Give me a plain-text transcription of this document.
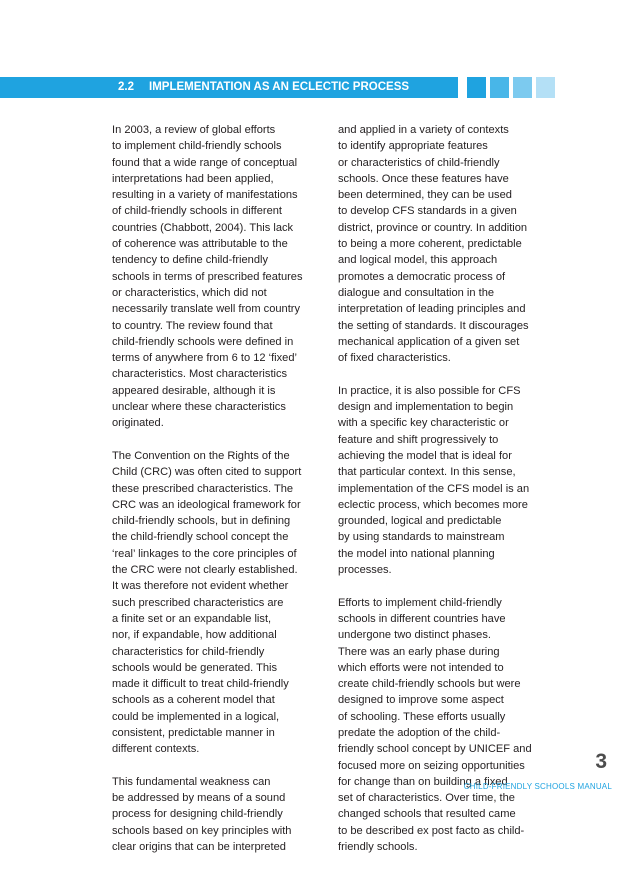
2.2 IMPLEMENTATION AS AN ECLECTIC PROCESS

In 2003, a review of global efforts
to implement child-friendly schools
found that a wide range of conceptual
interpretations had been applied,
resulting in a variety of manifestations
of child-friendly schools in different
countries (Chabbott, 2004). This lack
of coherence was attributable to the
tendency to define child-friendly
schools in terms of prescribed features
or characteristics, which did not
necessarily translate well from country
to country. The review found that
child-friendly schools were defined in
terms of anywhere from 6 to 12 ‘fixed’
characteristics. Most characteristics
appeared desirable, although it is
unclear where these characteristics
originated.

The Convention on the Rights of the
Child (CRC) was often cited to support
these prescribed characteristics. The
CRC was an ideological framework for
child-friendly schools, but in defining
the child-friendly school concept the
‘real’ linkages to the core principles of
the CRC were not clearly established.
It was therefore not evident whether
such prescribed characteristics are
a finite set or an expandable list,
nor, if expandable, how additional
characteristics for child-friendly
schools would be generated. This
made it difficult to treat child-friendly
schools as a coherent model that
could be implemented in a logical,
consistent, predictable manner in
different contexts.

This fundamental weakness can
be addressed by means of a sound
process for designing child-friendly
schools based on key principles with
clear origins that can be interpreted

and applied in a variety of contexts
to identify appropriate features
or characteristics of child-friendly
schools. Once these features have
been determined, they can be used
to develop CFS standards in a given
district, province or country. In addition
to being a more coherent, predictable
and logical model, this approach
promotes a democratic process of
dialogue and consultation in the
interpretation of leading principles and
the setting of standards. It discourages
mechanical application of a given set
of fixed characteristics.

In practice, it is also possible for CFS
design and implementation to begin
with a specific key characteristic or
feature and shift progressively to
achieving the model that is ideal for
that particular context. In this sense,
implementation of the CFS model is an
eclectic process, which becomes more
grounded, logical and predictable
by using standards to mainstream
the model into national planning
processes.

Efforts to implement child-friendly
schools in different countries have
undergone two distinct phases.
There was an early phase during
which efforts were not intended to
create child-friendly schools but were
designed to improve some aspect
of schooling. These efforts usually
predate the adoption of the child-
friendly school concept by UNICEF and
focused more on seizing opportunities
for change than on building a fixed
set of characteristics. Over time, the
changed schools that resulted came
to be described ex post facto as child-
friendly schools.

3
CHILD-FRIENDLY SCHOOLS MANUAL
